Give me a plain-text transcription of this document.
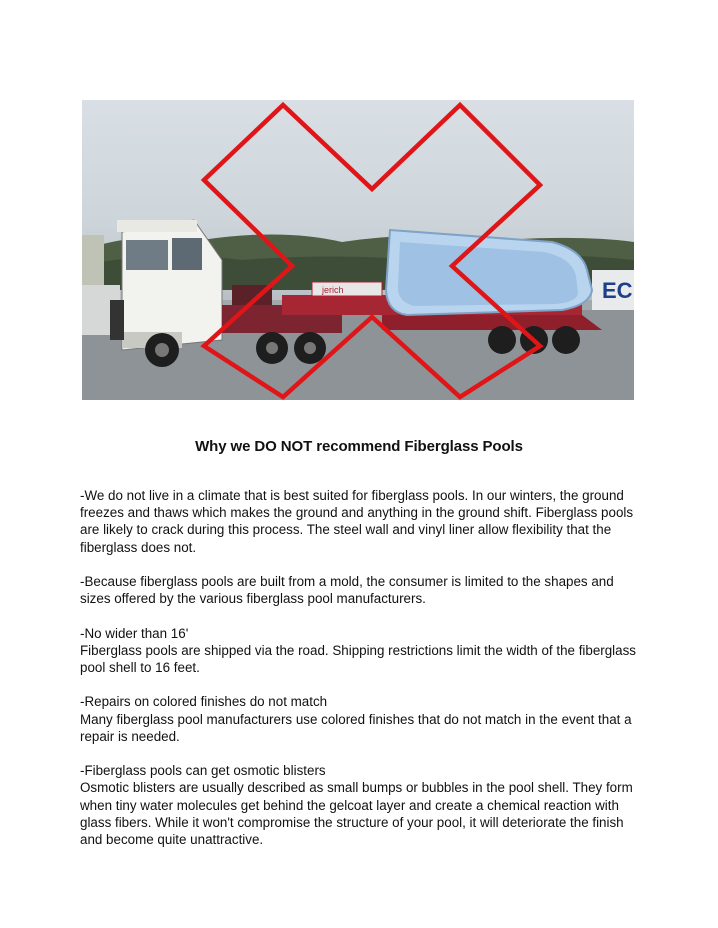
EC
jerich
Why we DO NOT recommend Fiberglass Pools
-We do not live in a climate that is best suited for fiberglass pools. In our winters, the ground freezes and thaws which makes the ground and anything in the ground shift. Fiberglass pools are likely to crack during this process. The steel wall and vinyl liner allow flexibility that the fiberglass does not.
-Because fiberglass pools are built from a mold, the consumer is limited to the shapes and sizes offered by the various fiberglass pool manufacturers.
-No wider than 16'
Fiberglass pools are shipped via the road. Shipping restrictions limit the width of the fiberglass pool shell to 16 feet.
-Repairs on colored finishes do not match
Many fiberglass pool manufacturers use colored finishes that do not match in the event that a repair is needed.
-Fiberglass pools can get osmotic blisters
Osmotic blisters are usually described as small bumps or bubbles in the pool shell. They form when tiny water molecules get behind the gelcoat layer and create a chemical reaction with glass fibers. While it won't compromise the structure of your pool, it will deteriorate the finish and become quite unattractive.
